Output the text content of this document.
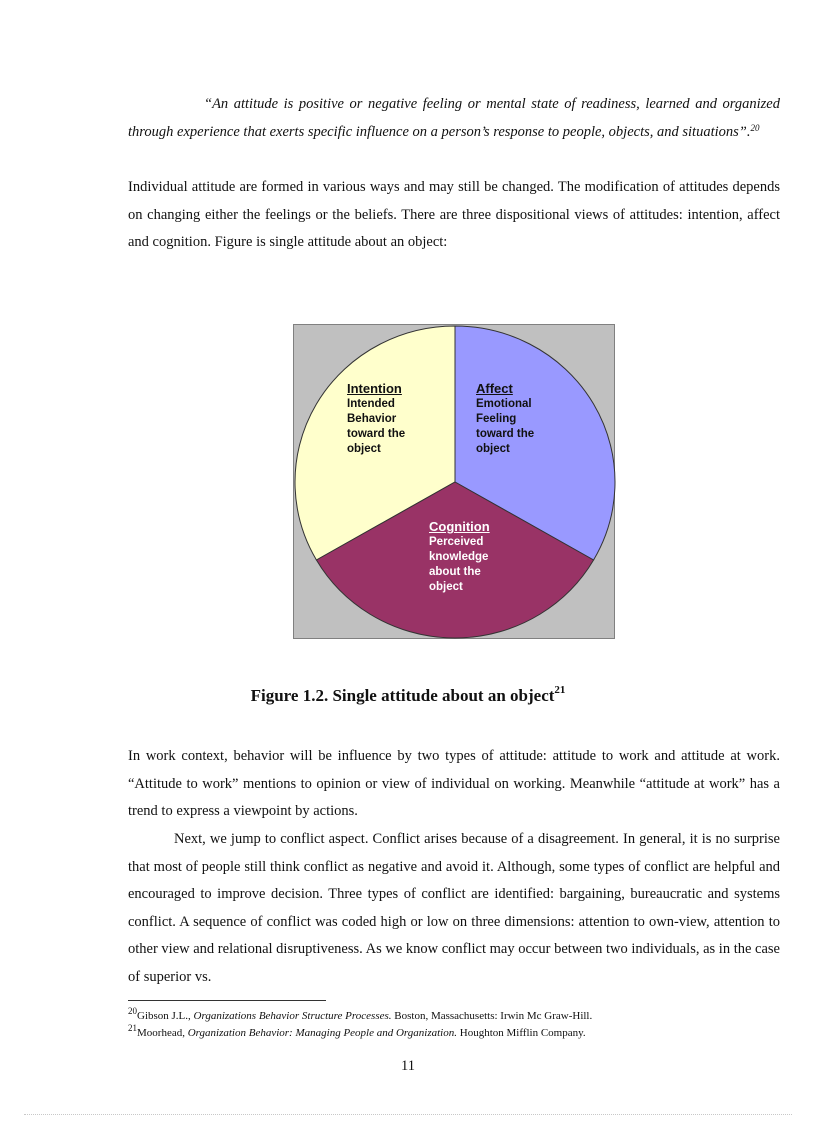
“An attitude is positive or negative feeling or mental state of readiness, learned and organized through experience that exerts specific influence on a person’s response to people, objects, and situations”.$^{20}$

Individual attitude are formed in various ways and may still be changed. The modification of attitudes depends on changing either the feelings or the beliefs. There are three dispositional views of attitudes: intention, affect and cognition. Figure is single attitude about an object:

Intention
Intended
Behavior
toward the
object
Affect
Emotional
Feeling
toward the
object
Cognition
Perceived
knowledge
about the
object
Figure 1.2. Single attitude about an object$^{21}$

In work context, behavior will be influence by two types of attitude: attitude to work and attitude at work. “Attitude to work” mentions to opinion or view of individual on working. Meanwhile “attitude at work” has a trend to express a viewpoint by actions.

Next, we jump to conflict aspect. Conflict arises because of a disagreement. In general, it is no surprise that most of people still think conflict as negative and avoid it. Although, some types of conflict are helpful and encouraged to improve decision. Three types of conflict are identified: bargaining, bureaucratic and systems conflict. A sequence of conflict was coded high or low on three dimensions: attention to own-view, attention to other view and relational disruptiveness. As we know conflict may occur between two individuals, as in the case of superior vs.

$^{20}$Gibson J.L., Organizations Behavior Structure Processes. Boston, Massachusetts: Irwin Mc Graw-Hill.
$^{21}$Moorhead, Organization Behavior: Managing People and Organization. Houghton Mifflin Company.
11
